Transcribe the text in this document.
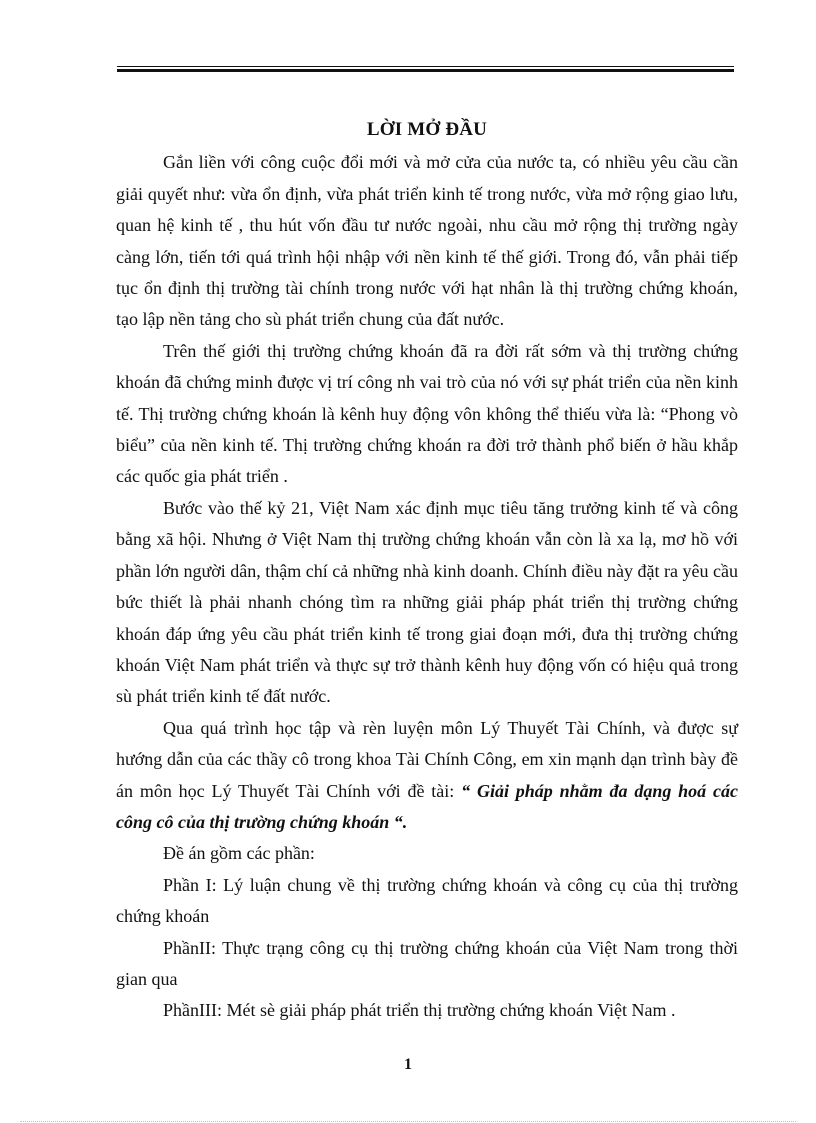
LỜI MỞ ĐẦU

Gắn liền với công cuộc đổi mới và mở cửa của nước ta, có nhiều yêu cầu cần giải quyết như: vừa ổn định, vừa phát triển kinh tế trong nước, vừa mở rộng giao lưu, quan hệ kinh tế , thu hút vốn đầu tư nước ngoài, nhu cầu mở rộng thị trường ngày càng lớn, tiến tới quá trình hội nhập với nền kinh tế thế giới. Trong đó, vẫn phải tiếp tục ổn định thị trường tài chính trong nước với hạt nhân là thị trường chứng khoán, tạo lập nền tảng cho sù phát triển chung của đất nước.

Trên thế giới thị trường chứng khoán đã ra đời rất sớm và thị trường chứng khoán đã chứng minh được vị trí công nh vai trò của nó với sự phát triển của nền kinh tế. Thị trường chứng khoán là kênh huy động vôn không thể thiếu vừa là: “Phong vò biểu” của nền kinh tế. Thị trường chứng khoán ra đời trở thành phổ biến ở hầu khắp các quốc gia phát triển .

Bước vào thế kỷ 21, Việt Nam xác định mục tiêu tăng trưởng kinh tế và công bằng xã hội. Nhưng ở Việt Nam thị trường chứng khoán vẫn còn là xa lạ, mơ hồ với phần lớn người dân, thậm chí cả những nhà kinh doanh. Chính điều này đặt ra yêu cầu bức thiết là phải nhanh chóng tìm ra những giải pháp phát triển thị trường chứng khoán đáp ứng yêu cầu phát triển kinh tế trong giai đoạn mới, đưa thị trường chứng khoán Việt Nam phát triển và thực sự trở thành kênh huy động vốn có hiệu quả trong sù phát triển kinh tế đất nước.

Qua quá trình học tập và rèn luyện môn Lý Thuyết Tài Chính, và được sự hướng dẫn của các thầy cô trong khoa Tài Chính Công, em xin mạnh dạn trình bày đề án môn học Lý Thuyết Tài Chính với đề tài: “ Giải pháp nhằm đa dạng hoá các công cô của thị trường chứng khoán “.

Đề án gồm các phần:

Phần I: Lý luận chung về thị trường chứng khoán và công cụ của thị trường chứng khoán

PhầnII: Thực trạng công cụ thị trường chứng khoán của Việt Nam trong thời gian qua

PhầnIII: Mét sè giải pháp phát triển thị trường chứng khoán Việt Nam .

1
